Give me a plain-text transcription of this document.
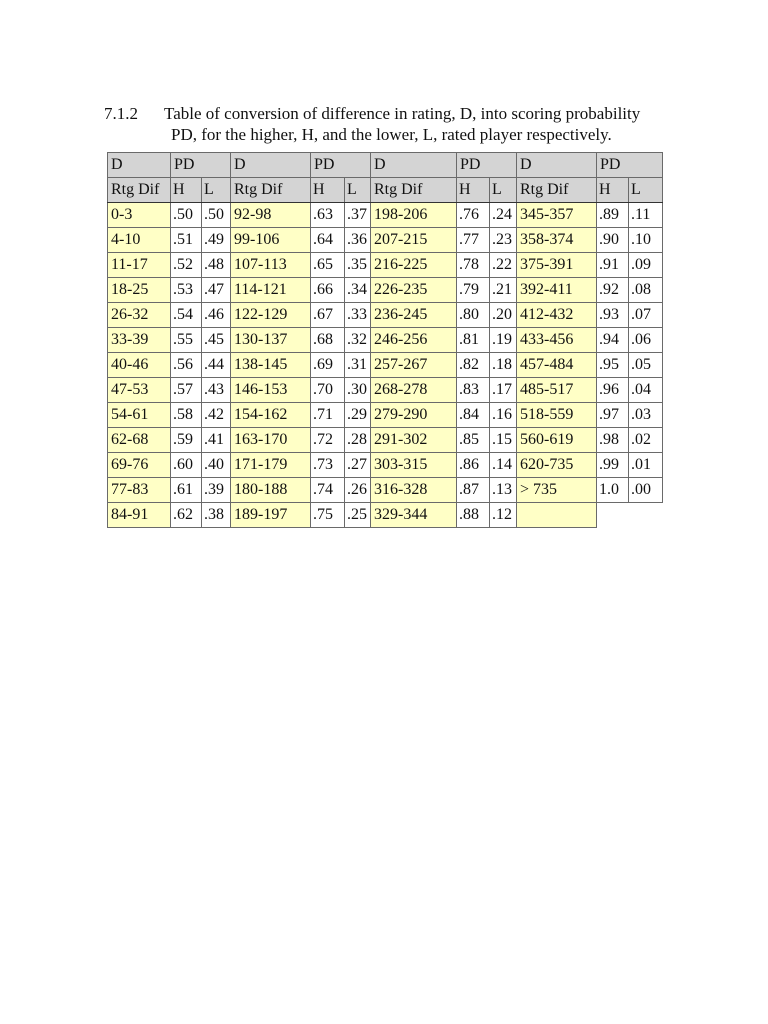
7.1.2	Table of conversion of difference in rating, D, into scoring probability
PD, for the higher, H, and the lower, L, rated player respectively.
D	PD		D	PD		D	PD		D	PD	
Rtg Dif	H	L	Rtg Dif	H	L	Rtg Dif	H	L	Rtg Dif	H	L
0-3	.50	.50	92-98	.63	.37	198-206	.76	.24	345-357	.89	.11
4-10	.51	.49	99-106	.64	.36	207-215	.77	.23	358-374	.90	.10
11-17	.52	.48	107-113	.65	.35	216-225	.78	.22	375-391	.91	.09
18-25	.53	.47	114-121	.66	.34	226-235	.79	.21	392-411	.92	.08
26-32	.54	.46	122-129	.67	.33	236-245	.80	.20	412-432	.93	.07
33-39	.55	.45	130-137	.68	.32	246-256	.81	.19	433-456	.94	.06
40-46	.56	.44	138-145	.69	.31	257-267	.82	.18	457-484	.95	.05
47-53	.57	.43	146-153	.70	.30	268-278	.83	.17	485-517	.96	.04
54-61	.58	.42	154-162	.71	.29	279-290	.84	.16	518-559	.97	.03
62-68	.59	.41	163-170	.72	.28	291-302	.85	.15	560-619	.98	.02
69-76	.60	.40	171-179	.73	.27	303-315	.86	.14	620-735	.99	.01
77-83	.61	.39	180-188	.74	.26	316-328	.87	.13	> 735	1.0	.00
84-91	.62	.38	189-197	.75	.25	329-344	.88	.12			
